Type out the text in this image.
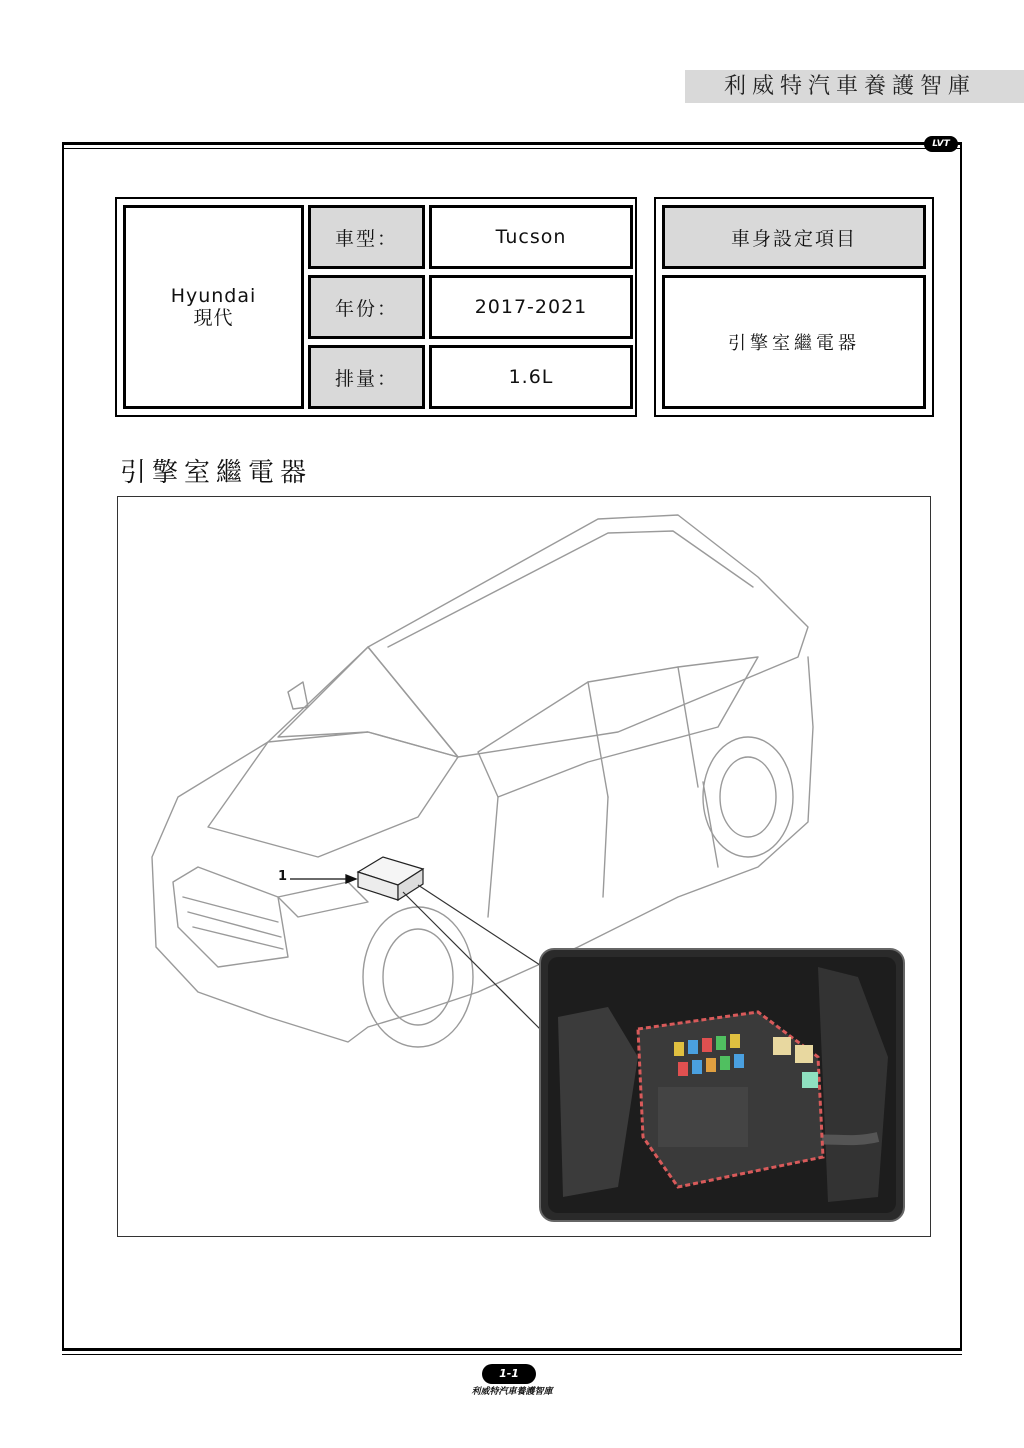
利威特汽車養護智庫
LVT
Hyundai
現代
車型：	Tucson
年份：	2017-2021
排量：	1.6L
車身設定項目
引擎室繼電器
引擎室繼電器
1
1-1
利威特汽車養護智庫
